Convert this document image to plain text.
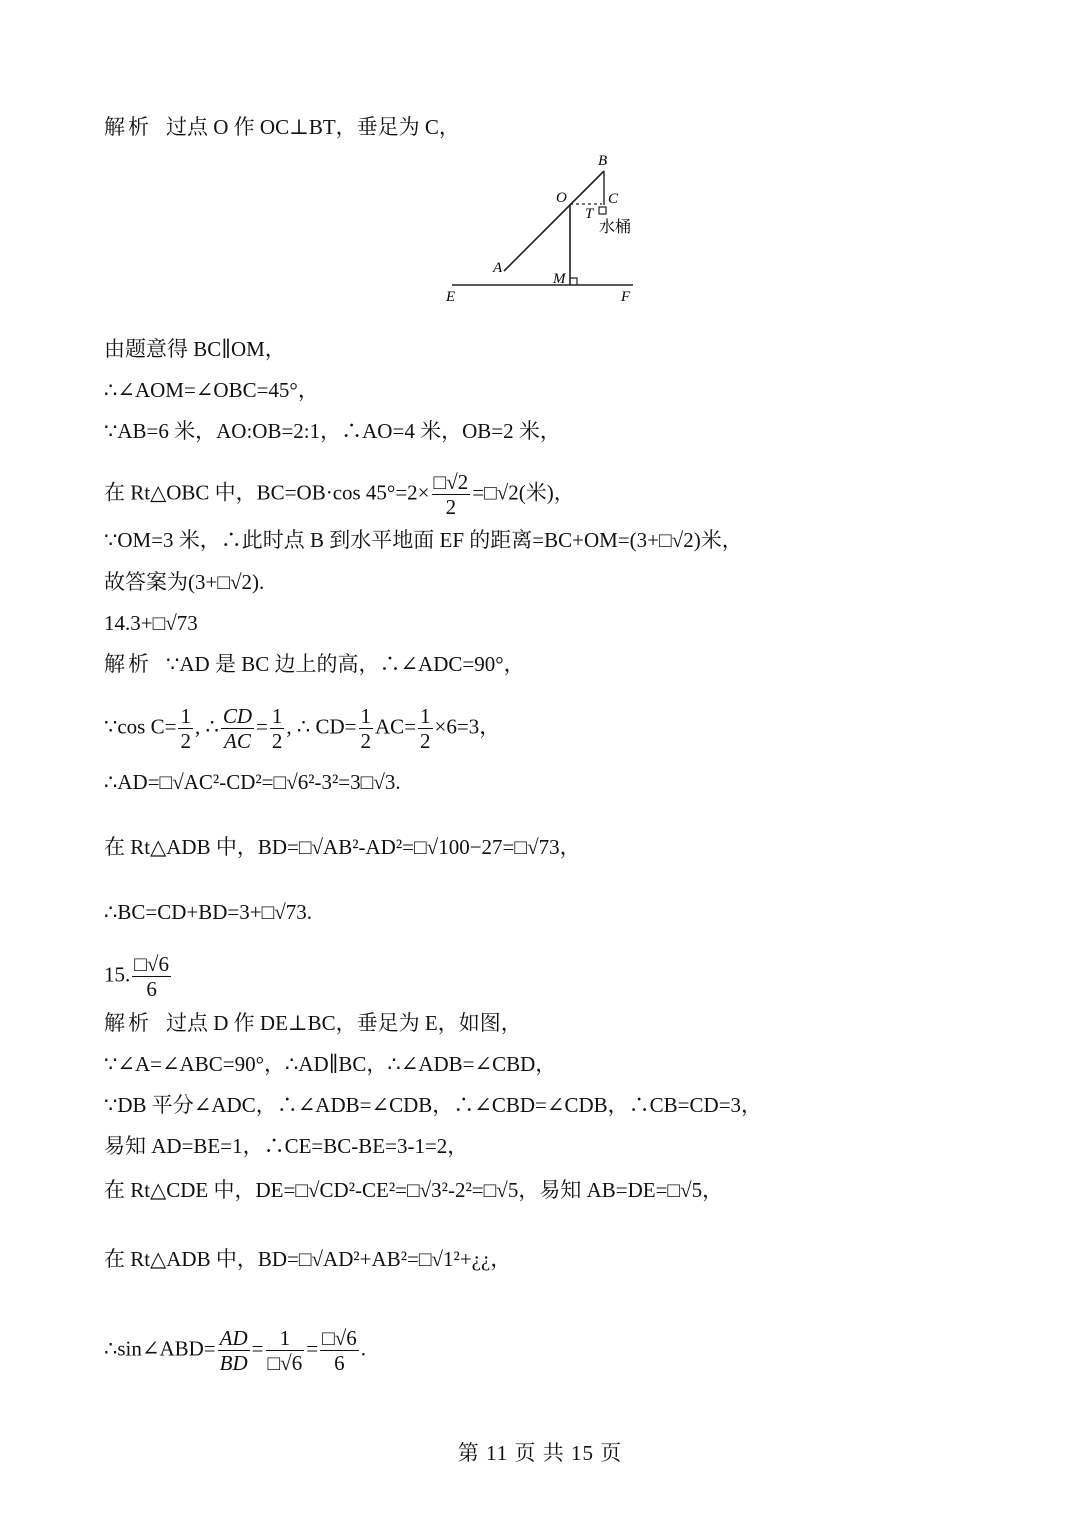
解析 过点 O 作 OC⊥BT，垂足为 C，
B
O	C
T
水桶
A
M
E	F
由题意得 BC∥OM，
∴∠AOM=∠OBC=45°，
∵AB=6 米，AO:OB=2:1，∴AO=4 米，OB=2 米，
在 Rt△OBC 中，BC=OB·cos $45^\circ=2\times \frac{□√2}{2}$ =□√2(米)，
∵OM=3 米，∴此时点 B 到水平地面 EF 的距离=BC+OM=(3+□√2)米，
故答案为(3+□√2).
14.3+□√73
解析 ∵AD 是 BC 边上的高，∴∠ADC=90°，
∵cos $C= \frac{1}{2}$ , ∴ $\frac{CD}{AC} = \frac{1}{2}$ , ∴ $CD= \frac{1}{2} AC= \frac{1}{2} \times 6=3$，
∴AD=□√AC²-CD²=□√6²-3²=3□√3.
在 Rt△ADB 中，BD=□√AB²-AD²=□√100−27=□√73，
∴BC=CD+BD=3+□√73.
15. $\frac{□√6}{6}$
解析 过点 D 作 DE⊥BC，垂足为 E，如图，
∵∠A=∠ABC=90°，∴AD∥BC，∴∠ADB=∠CBD，
∵DB 平分∠ADC，∴∠ADB=∠CDB，∴∠CBD=∠CDB，∴CB=CD=3，
易知 AD=BE=1，∴CE=BC-BE=3-1=2，
在 Rt△CDE 中，DE=□√CD²-CE²=□√3²-2²=□√5，易知 AB=DE=□√5，
在 Rt△ADB 中，BD=□√AD²+AB²=□√1²+¿¿，
∴sin∠ABD= $\frac{AD}{BD} = \frac{1}{□√6} = \frac{□√6}{6}$ .
第 11 页 共 15 页
